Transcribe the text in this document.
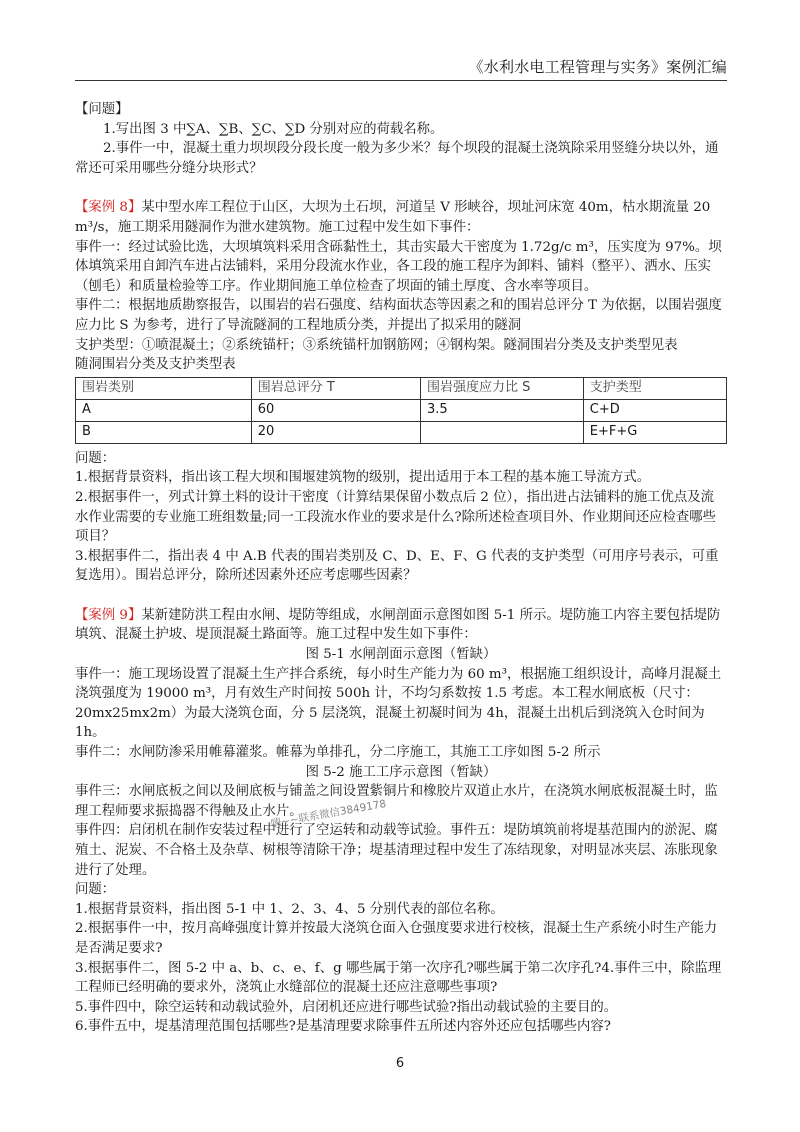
《水利水电工程管理与实务》案例汇编

【问题】

1.写出图 3 中∑A、∑B、∑C、∑D 分别对应的荷载名称。

2.事件一中，混凝土重力坝坝段分段长度一般为多少米？每个坝段的混凝土浇筑除采用竖缝分块以外，通常还可采用哪些分缝分块形式？

【案例 8】某中型水库工程位于山区，大坝为土石坝，河道呈 V 形峡谷，坝址河床宽 40m，枯水期流量 20 m³/s，施工期采用隧洞作为泄水建筑物。施工过程中发生如下事件：

事件一：经过试验比选，大坝填筑料采用含砾黏性土，其击实最大干密度为 1.72g/c m³，压实度为 97%。坝体填筑采用自卸汽车进占法铺料，采用分段流水作业，各工段的施工程序为卸料、铺料（整平）、洒水、压实（刨毛）和质量检验等工序。作业期间施工单位检查了坝面的铺土厚度、含水率等项目。

事件二：根据地质勘察报告，以围岩的岩石强度、结构面状态等因素之和的围岩总评分 T 为依据，以围岩强度应力比 S 为参考，进行了导流隧洞的工程地质分类，并提出了拟采用的隧洞

支护类型：①喷混凝土；②系统锚杆；③系统锚杆加钢筋网；④钢构架。隧洞围岩分类及支护类型见表

随洞围岩分类及支护类型表

围岩类别	围岩总评分 T	围岩强度应力比 S	支护类型
A	60	3.5	C+D
B	20		E+F+G

问题：

1.根据背景资料，指出该工程大坝和围堰建筑物的级别，提出适用于本工程的基本施工导流方式。

2.根据事件一，列式计算土料的设计干密度（计算结果保留小数点后 2 位），指出进占法铺料的施工优点及流水作业需要的专业施工班组数量;同一工段流水作业的要求是什么?除所述检查项目外、作业期间还应检查哪些项目？

3.根据事件二，指出表 4 中 A.B 代表的围岩类别及 C、D、E、F、G 代表的支护类型（可用序号表示，可重复选用）。围岩总评分，除所述因素外还应考虑哪些因素？

【案例 9】某新建防洪工程由水闸、堤防等组成，水闸剖面示意图如图 5-1 所示。堤防施工内容主要包括堤防填筑、混凝土护坡、堤顶混凝土路面等。施工过程中发生如下事件：

图 5-1 水闸剖面示意图（暂缺）

事件一：施工现场设置了混凝土生产拌合系统，每小时生产能力为 60 m³，根据施工组织设计，高峰月混凝土浇筑强度为 19000 m³，月有效生产时间按 500h 计，不均匀系数按 1.5 考虑。本工程水闸底板（尺寸：20mx25mx2m）为最大浇筑仓面，分 5 层浇筑，混凝土初凝时间为 4h，混凝土出机后到浇筑入仓时间为 1h。

事件二：水闸防渗采用帷幕灌浆。帷幕为单排孔，分二序施工，其施工工序如图 5-2 所示

图 5-2 施工工序示意图（暂缺）

事件三：水闸底板之间以及闸底板与铺盖之间设置紫铜片和橡胶片双道止水片，在浇筑水闸底板混凝土时，监理工程师要求振捣器不得触及止水片。

事件四：启闭机在制作安装过程中进行了空运转和动载等试验。事件五：堤防填筑前将堤基范围内的淤泥、腐殖土、泥炭、不合格土及杂草、树根等清除干净；堤基清理过程中发生了冻结现象，对明显冰夹层、冻胀现象进行了处理。

问题：

1.根据背景资料，指出图 5-1 中 1、2、3、4、5 分别代表的部位名称。

2.根据事件一中，按月高峰强度计算并按最大浇筑仓面入仓强度要求进行校核，混凝土生产系统小时生产能力是否满足要求?

3.根据事件二，图 5-2 中 a、b、c、e、f、g 哪些属于第一次序孔?哪些属于第二次序孔?4.事件三中，除监理工程师已经明确的要求外，浇筑止水缝部位的混凝土还应注意哪些事项?

5.事件四中，除空运转和动载试验外，启闭机还应进行哪些试验?指出动载试验的主要目的。

6.事件五中，堤基清理范围包括哪些?是基清理要求除事件五所述内容外还应包括哪些内容?

嗨~~联系微信3849178
6
